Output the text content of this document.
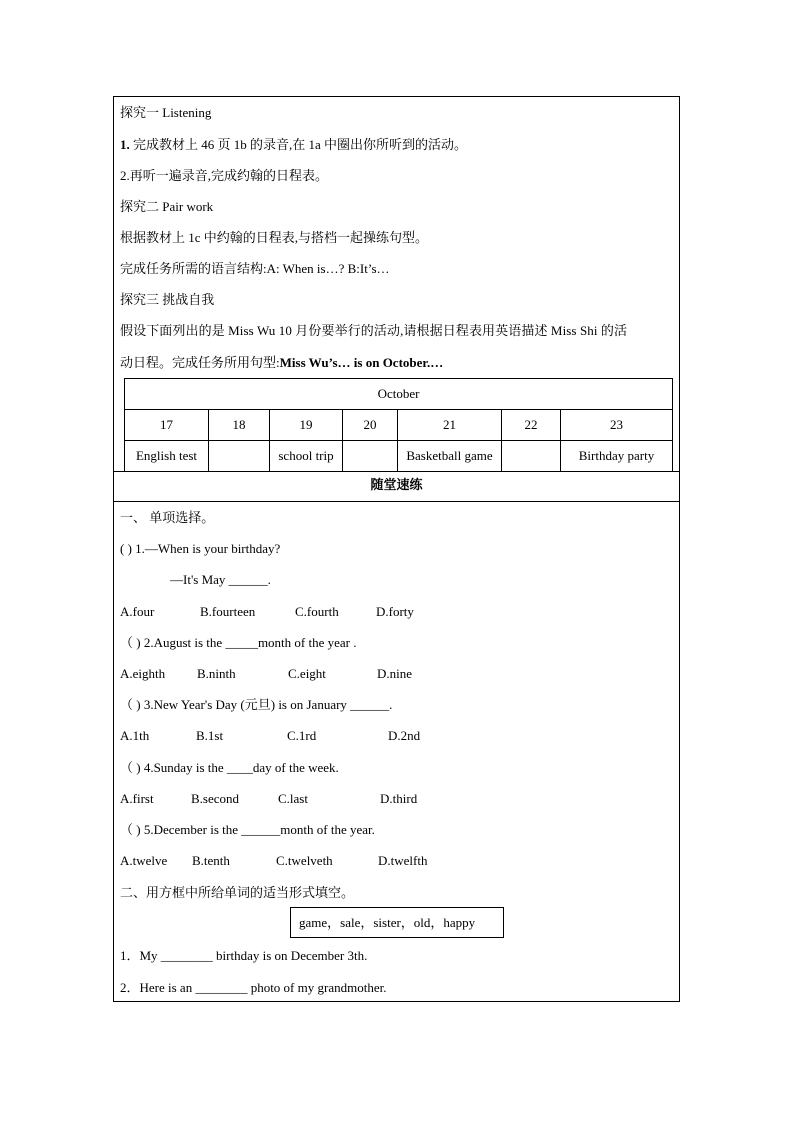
探究一 Listening
1. 完成教材上 46 页 1b 的录音,在 1a 中圈出你所听到的活动。
2.再听一遍录音,完成约翰的日程表。
探究二 Pair work
根据教材上 1c 中约翰的日程表,与搭档一起操练句型。
完成任务所需的语言结构:A: When is…? B:It’s…
探究三 挑战自我
假设下面列出的是 Miss Wu 10 月份要举行的活动,请根据日程表用英语描述 Miss Shi 的活
动日程。完成任务所用句型:Miss Wu’s… is on October.…
October						
17	18	19	20	21	22	23
English test		school trip		Basketball game		Birthday party
随堂速练
一、 单项选择。
( ) 1.—When is your birthday?
—It's May ______.
A.four	B.fourteen	C.fourth	D.forty
（ ) 2.August is the _____month of the year .
A.eighth B.ninth	C.eight	D.nine
（ ) 3.New Year's Day (元旦) is on January ______.
A.1th	B.1st	C.1rd	D.2nd
（ ) 4.Sunday is the ____day of the week.
A.first	B.second	C.last	D.third
（ ) 5.December is the ______month of the year.
A.twelve B.tenth	C.twelveth	D.twelfth
二、用方框中所给单词的适当形式填空。
game，sale，sister，old，happy
1．My ________ birthday is on December 3th.
2．Here is an ________ photo of my grandmother.
